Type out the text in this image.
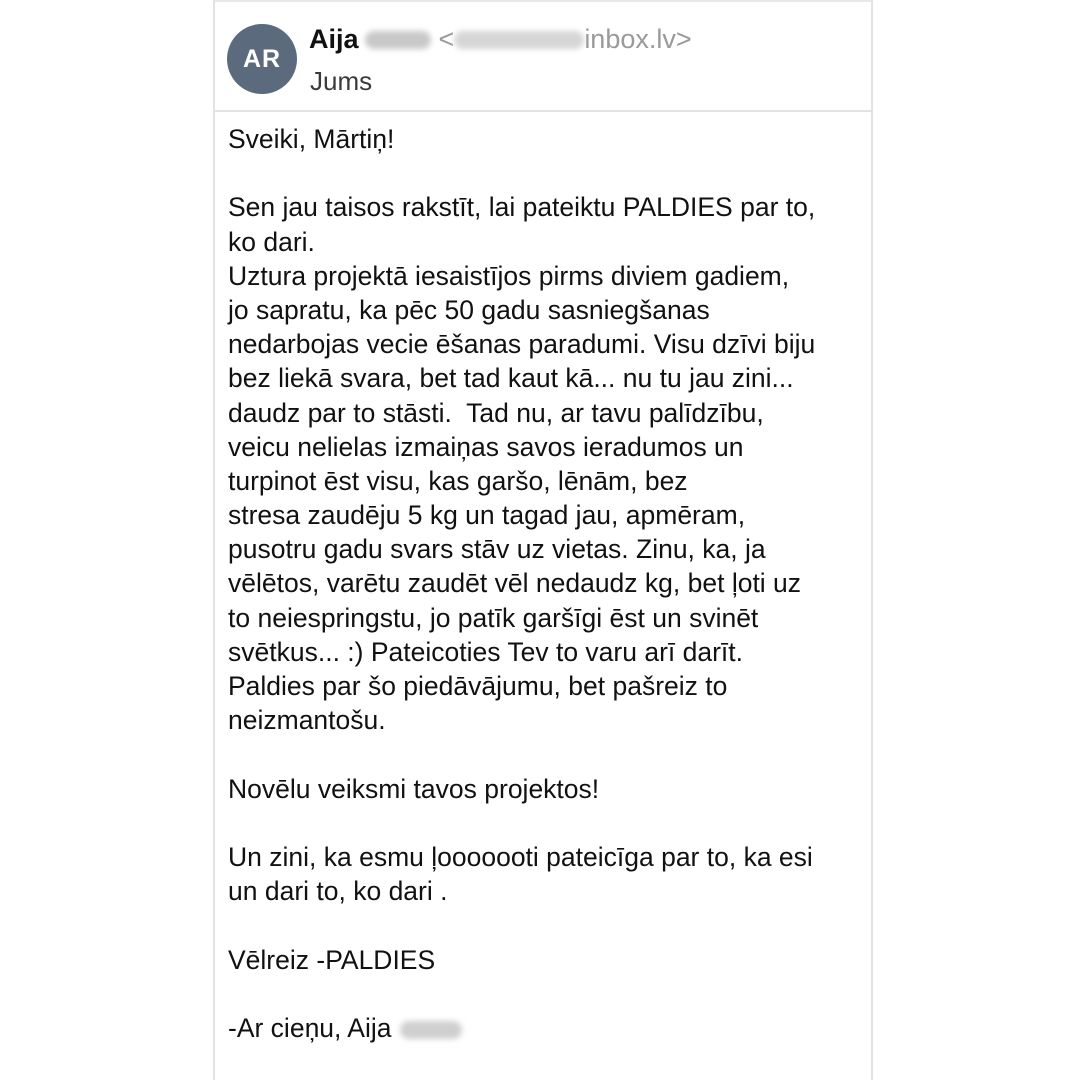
AR
Aija	<	inbox.lv>
Jums
Sveiki, Mārtiņ!
Sen jau taisos rakstīt, lai pateiktu PALDIES par to,
ko dari.
Uztura projektā iesaistījos pirms diviem gadiem,
jo sapratu, ka pēc 50 gadu sasniegšanas
nedarbojas vecie ēšanas paradumi. Visu dzīvi biju
bez liekā svara, bet tad kaut kā... nu tu jau zini...
daudz par to stāsti.  Tad nu, ar tavu palīdzību,
veicu nelielas izmaiņas savos ieradumos un
turpinot ēst visu, kas garšo, lēnām, bez
stresa zaudēju 5 kg un tagad jau, apmēram,
pusotru gadu svars stāv uz vietas. Zinu, ka, ja
vēlētos, varētu zaudēt vēl nedaudz kg, bet ļoti uz
to neiespringstu, jo patīk garšīgi ēst un svinēt
svētkus... :) Pateicoties Tev to varu arī darīt.
Paldies par šo piedāvājumu, bet pašreiz to
neizmantošu.
Novēlu veiksmi tavos projektos!
Un zini, ka esmu ļooooooti pateicīga par to, ka esi
un dari to, ko dari .
Vēlreiz -PALDIES
-Ar cieņu, Aija
